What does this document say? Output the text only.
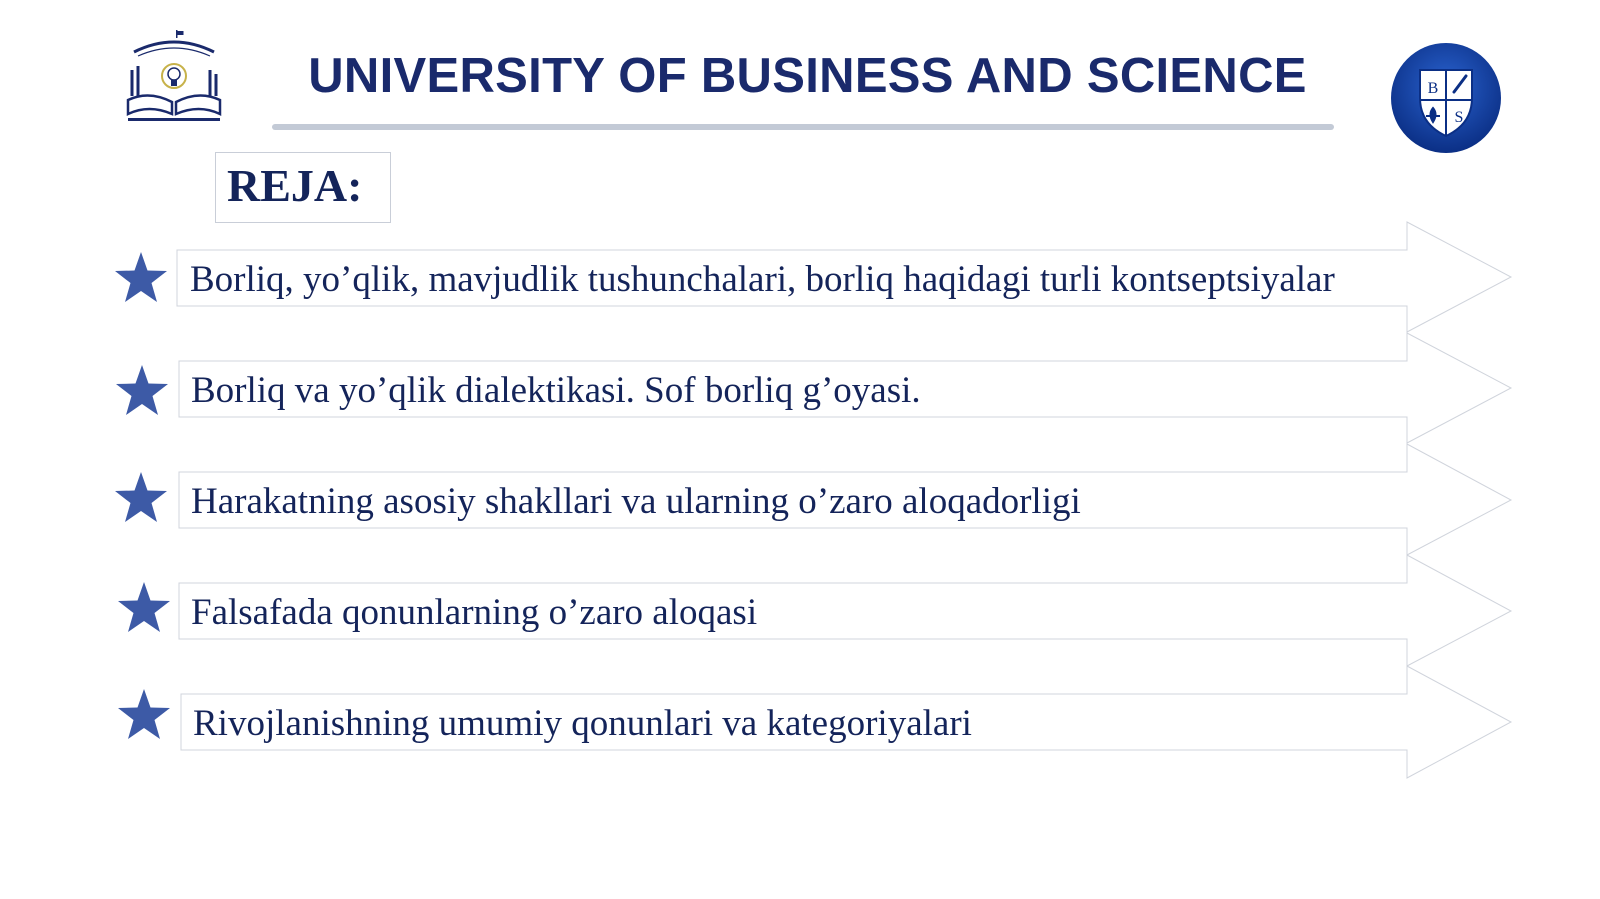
UNIVERSITY OF BUSINESS AND SCIENCE	B
S
REJA:
Borliq, yo’qlik, mavjudlik tushunchalari, borliq haqidagi turli kontseptsiyalar
Borliq va yo’qlik dialektikasi. Sof borliq g’oyasi.
Harakatning asosiy shakllari va ularning o’zaro aloqadorligi
Falsafada qonunlarning o’zaro aloqasi
Rivojlanishning umumiy qonunlari va kategoriyalari
